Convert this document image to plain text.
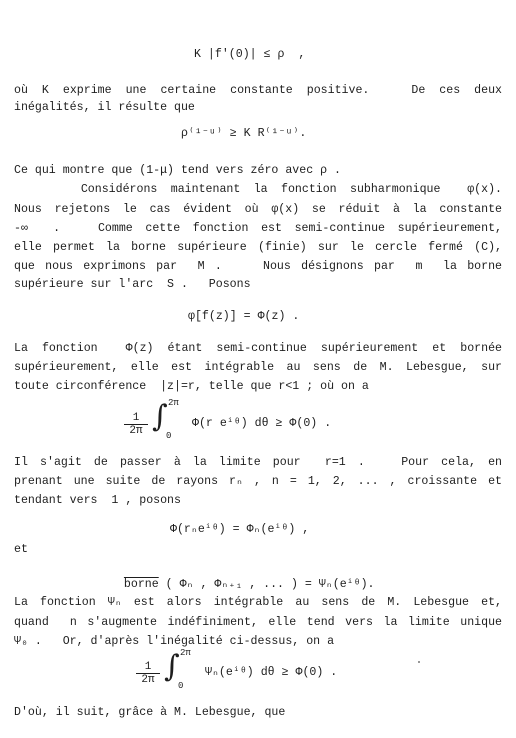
K |f'(0)| ≤ ρ  ,
où K exprime une certaine constante positive.   De ces deux
inégalités, il résulte que
ρ⁽¹⁻ᵘ⁾ ≥ K R⁽¹⁻ᵘ⁾.
Ce qui montre que (1-μ) tend vers zéro avec ρ .
Considérons maintenant la fonction subharmonique  φ(x).
Nous rejetons le cas évident où φ(x) se réduit à la constante
-∞  .   Comme cette fonction est semi-continue supérieurement,
elle permet la borne supérieure (finie) sur le cercle fermé (C),
que nous exprimons par  M .    Nous désignons par  m  la borne
supérieure sur l'arc  S .   Posons
φ[f(z)] = Φ(z) .
La fonction  Φ(z) étant semi-continue supérieurement et bornée
supérieurement, elle est intégrable au sens de M. Lebesgue, sur
toute circonférence  |z|=r, telle que r<1 ; où on a
$\frac{1}{2\pi}$ ∫ 2π
0
Φ(r eⁱᶿ) dθ ≥ Φ(0) .
Il s'agit de passer à la limite pour  r=1 .   Pour cela, en
prenant une suite de rayons rₙ , n = 1, 2, ... , croissante et
tendant vers  1 , posons
Φ(rₙeⁱᶿ) = Φₙ(eⁱᶿ) ,
et

borne ( Φₙ , Φₙ₊₁ , ... ) = Ψₙ(eⁱᶿ).

La fonction Ψₙ est alors intégrable au sens de M. Lebesgue et,
quand  n s'augmente indéfiniment, elle tend vers la limite unique
Ψ₀ .   Or, d'après l'inégalité ci-dessus, on a
$\frac{1}{2\pi}$ ∫ 2π
0
Ψₙ(eⁱᶿ) dθ ≥ Φ(0) .
D'où, il suit, grâce à M. Lebesgue, que
